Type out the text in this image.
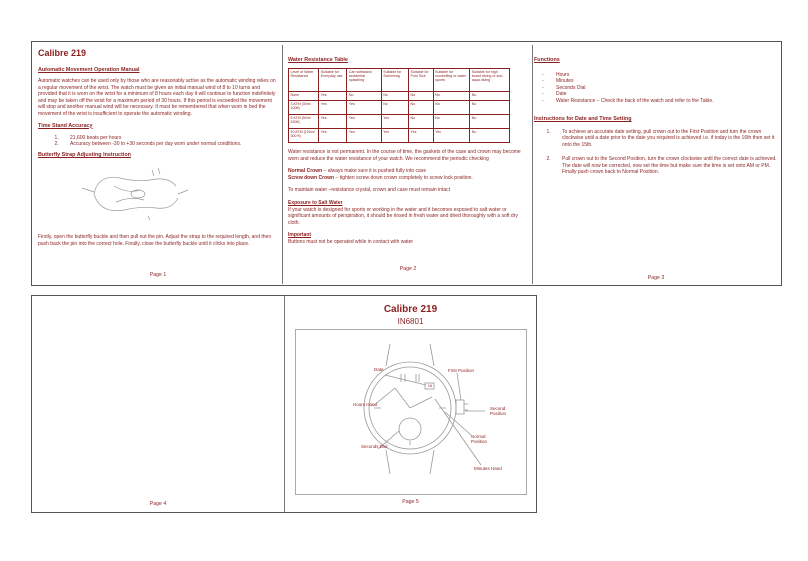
Calibre 219

Automatic Movement Operation Manual

Automatic watches can be used only by those who are reasonably active as the automatic winding relies on a regular movement of the wrist. The watch must be given an initial manual wind of 8 to 10 turns and provided that it is worn on the wrist for a minimum of 8 hours each day it will continue to function indefinitely and may be taken off the wrist for a maximum period of 30 hours. If this period is exceeded the movement will stop and another manual wind will be necessary. It must be remembered that when worn in bed the movement of the wrist is insufficient to operate the automatic winding.

Time Stand Accuracy

1. 21,600 beats per hours
2. Accuracy between -30 to +30 seconds per day worn under normal conditions.

Butterfly Strap Adjusting Instruction

Firstly, open the butterfly buckle and then pull out the pin. Adjust the strap to the required length, and then push back the pin into the correct hole. Finally, close the butterfly buckle until it clicks into place.

Page 1

Water Resistance Table

Level of Water Resistance	Suitable for Everyday use	Can withstand accidental splashing	Suitable for Swimming	Suitable for Pool Size	Suitable for snorkelling or water sports	Suitable for high board diving or sub-aqua diving
None	Yes	No	No	No	No	No
3 ATM (30m/ 100ft)	Yes	Yes	No	No	No	No
5 ATM (50m/ 150ft)	Yes	Yes	Yes	No	No	No
10 ATM (100m/ 300 ft)	Yes	Yes	Yes	Yes	Yes	No

Water resistance is not permanent. In the course of time, the gaskets of the case and crown may become worn and reduce the water resistance of your watch. We recommend the periodic checking

Normal Crown – always make sure it is pushed fully into case
Screw down Crown – tighten screw down crown completely to screw lock position.

To maintain water –resistance crystal, crown and case must remain intact

Exposure to Salt Water

If your watch is designed for sports or working in the water and it becomes exposed to salt water or significant amounts of perspiration, it should be rinsed in fresh water and dried thoroughly with a soft dry cloth.

Important

Buttons must not be operated while in contact with water

Page 2

Functions

- Hours
- Minutes
- Seconds Dial
- Date
- Water Resistance – Check the back of the watch and refer to the Table.

Instructions for Date and Time Setting

1. To achieve an accurate date setting, pull crown out to the First Position and turn the crown clockwise until a date prior to the date you required is achieved i.e. if today is the 16th then set it onto the 15th.
2. Pull crown out to the Second Position, turn the crown clockwise until the correct date is achieved. The date will now be corrected, now set the time but make sure the time is set onto AM or PM. Finally push crown back to Normal Position.
Page 3
Page 4
Calibre 219
IN6801
16
Date	First Position
Hours Hand
Second Position
Normal Position
Seconds Dial
Minutes Hand
Page 5
